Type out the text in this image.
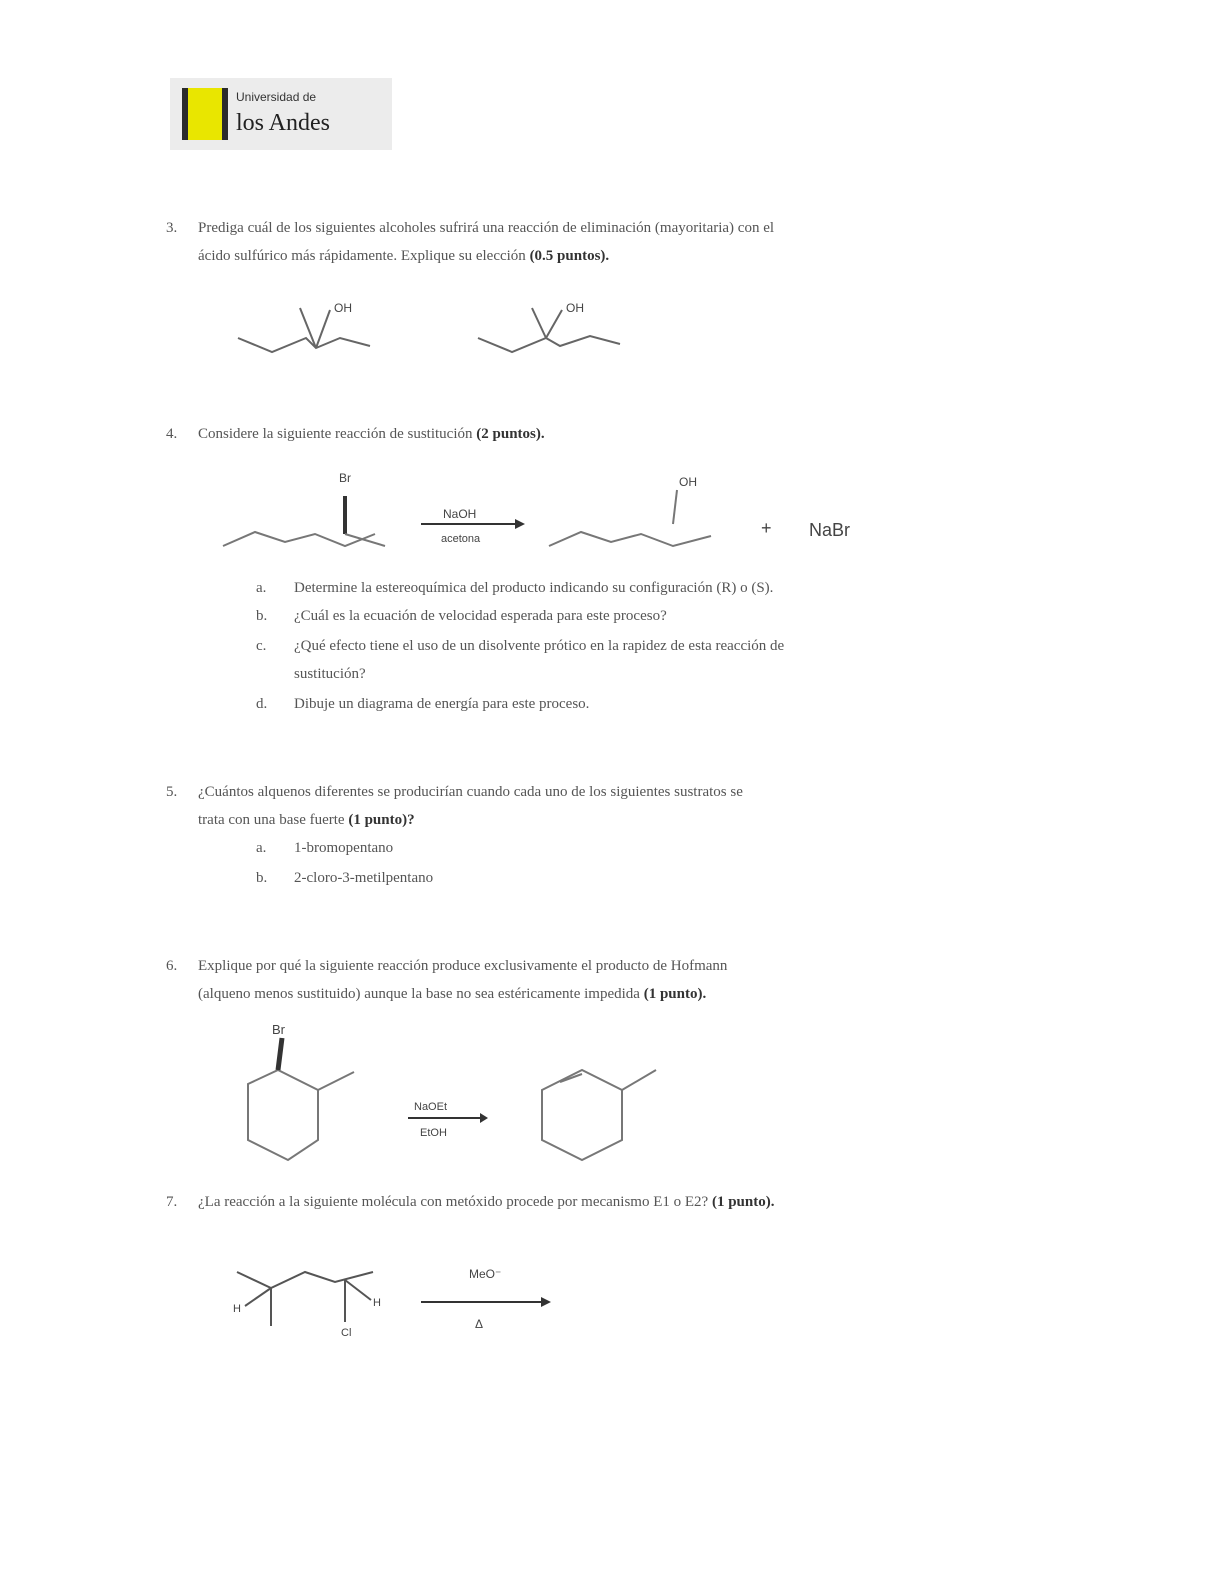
Universidad de
los Andes
3.	Prediga cuál de los siguientes alcoholes sufrirá una reacción de eliminación (mayoritaria) con el
ácido sulfúrico más rápidamente. Explique su elección (0.5 puntos).
OH	OH
4.	Considere la siguiente reacción de sustitución (2 puntos).
Br
NaOH
acetona
OH
+ NaBr
a.	Determine la estereoquímica del producto indicando su configuración (R) o (S).
b.	¿Cuál es la ecuación de velocidad esperada para este proceso?
c.	¿Qué efecto tiene el uso de un disolvente prótico en la rapidez de esta reacción de
sustitución?
d.	Dibuje un diagrama de energía para este proceso.
5.	¿Cuántos alquenos diferentes se producirían cuando cada uno de los siguientes sustratos se
trata con una base fuerte (1 punto)?
a.	1-bromopentano
b.	2-cloro-3-metilpentano
6.	Explique por qué la siguiente reacción produce exclusivamente el producto de Hofmann
(alqueno menos sustituido) aunque la base no sea estéricamente impedida (1 punto).
Br
NaOEt
EtOH
7.	¿La reacción a la siguiente molécula con metóxido procede por mecanismo E1 o E2? (1 punto).
H	H
Cl
MeO⁻
Δ
